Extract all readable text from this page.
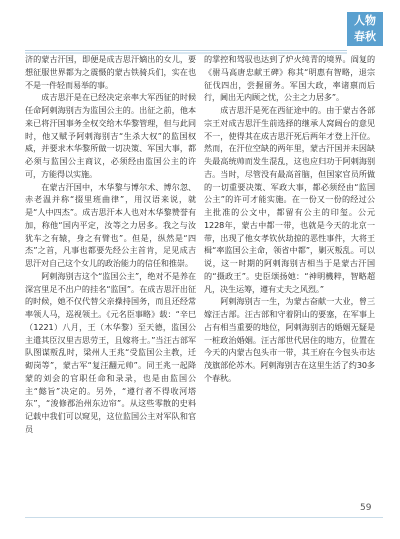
人物
春秋

济的蒙古汗国，即便是成吉思汗嫡出的女儿，要想征服世界都为之震慑的蒙古铁骑兵们，实在也不是一件轻而易举的事。

成吉思汗是在已经决定亲率大军西征的时候任命阿剌海别吉为监国公主的。出征之前，他本来已将汗国事务全权交给木华黎管理，但与此同时，他又赋予阿剌海别吉“生杀大权”的监国权威，并要求木华黎所做一切决策、军国大事，都必须与监国公主商议，必须经由监国公主的许可，方能得以实施。

在蒙古汗国中，木华黎与博尔术、博尔忽、赤老温并称“掇里班曲律”，用汉语来说，就是“人中四杰”。成吉思汗本人也对木华黎赞誉有加，称他“国内平定，汝等之力居多。我之与汝犹车之有辕，身之有臂也”。但是，纵然是“四杰”之首，凡事也都要先经公主首肯，足见成吉思汗对自己这个女儿的政治能力的信任和推崇。

阿剌海别吉这个“监国公主”，绝对不是养在深宫里足不出户的挂名“监国”。在成吉思汗出征的时候，她不仅代替父亲操持国务，而且还经常率领人马，巡视领土。《元名臣事略》载：“辛巳（1221）八月，王（木华黎）至天德，监国公主遣其臣汉里吉思劳王，且嫁将士。”当汪古部军队图谋叛乱时，梁州人王兆“受监国公主教，迁砌岗等”，蒙古军“复汪翻元帅”。同王兆一起降蒙的刘会的官职任命和录录，也是由监国公主“懿旨”决定的。另外，“遵行者不得收河塔东”，“浚修郡治州东边帘”。从这些零散的史料记载中我们可以窥见，这位监国公主对军队和官员

的掌控和驾驭也达到了炉火纯青的境界。阎复的《驸马高唐忠献王碑》称其“明惠有智略，退宗征伐四出，尝握留务。军国大政，率诸禀而后行，阃出无内顾之忧，公主之力居多”。

成吉思汗是死在西征途中的。由于蒙古各部宗王对成吉思汗生前选择的继承人窝阔台的意见不一，使得其在成吉思汗死后两年才登上汗位。然而，在汗位空缺的两年里，蒙古汗国并未因缺失最高统帅而发生混乱，这也应归功于阿剌海别吉。当时，尽管没有最高首脑，但国家官员所做的一切重要决策、军政大事，都必须经由“监国公主”的许可才能实施。在一份又一份的经过公主批准的公文中，都留有公主的印玺。公元1228年，蒙古中都一带，也就是今天的北京一带，出现了他女孝钦伙劫掠的恶性事件，大将王楫“率监国公主命，领省中都”，剿灭叛乱。可以说，这一时期的阿剌海别吉相当于是蒙古汗国的“摄政王”。史臣颂扬她：“神明機粹，智略超凡，决生运筹，遵有丈夫之风烈。”

阿剌海别吉一生，为蒙古奋献一大业，曾三嫁汪古部。汪古部和守着阴山的要塞，在军事上占有相当重要的地位，阿剌海别吉的婚姻无疑是一桩政治婚姻。汪古部世代居住的地方，位置在今天的内蒙古包头市一带，其王府在今包头市达茂旗部伦苏木。阿剌海别吉在这里生活了约30多个春秋。

59
